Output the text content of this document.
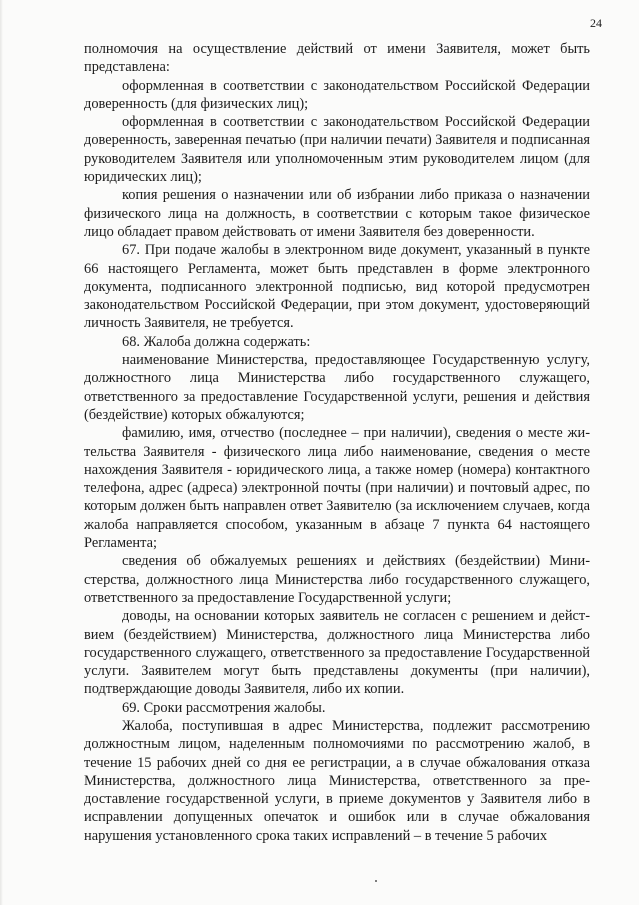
24

полномочия на осуществление действий от имени Заявителя, может быть представлена:

оформленная в соответствии с законодательством Российской Федерации доверенность (для физических лиц);

оформленная в соответствии с законодательством Российской Федерации доверенность, заверенная печатью (при наличии печати) Заявителя и подписанная руководителем Заявителя или уполномоченным этим руководителем лицом (для юридических лиц);

копия решения о назначении или об избрании либо приказа о назначении физического лица на должность, в соответствии с которым такое физическое лицо обладает правом действовать от имени Заявителя без доверенности.

67. При подаче жалобы в электронном виде документ, указанный в пункте 66 настоящего Регламента, может быть представлен в форме электронного документа, подписанного электронной подписью, вид которой предусмотрен законодательством Российской Федерации, при этом документ, удостоверяющий личность Заявителя, не требуется.

68. Жалоба должна содержать:

наименование Министерства, предоставляющее Государственную услугу, должностного лица Министерства либо государственного служащего, ответственного за предоставление Государственной услуги, решения и действия (бездействие) которых обжалуются;

фамилию, имя, отчество (последнее – при наличии), сведения о месте жительства Заявителя - физического лица либо наименование, сведения о месте нахождения Заявителя - юридического лица, а также номер (номера) контактного телефона, адрес (адреса) электронной почты (при наличии) и почтовый адрес, по которым должен быть направлен ответ Заявителю (за исключением случаев, когда жалоба направляется способом, указанным в абзаце 7 пункта 64 настоящего Регламента;

сведения об обжалуемых решениях и действиях (бездействии) Министерства, должностного лица Министерства либо государственного служащего, ответственного за предоставление Государственной услуги;

доводы, на основании которых заявитель не согласен с решением и действием (бездействием) Министерства, должностного лица Министерства либо государственного служащего, ответственного за предоставление Государственной услуги. Заявителем могут быть представлены документы (при наличии), подтверждающие доводы Заявителя, либо их копии.

69. Сроки рассмотрения жалобы.

Жалоба, поступившая в адрес Министерства, подлежит рассмотрению должностным лицом, наделенным полномочиями по рассмотрению жалоб, в течение 15 рабочих дней со дня ее регистрации, а в случае обжалования отказа Министерства, должностного лица Министерства, ответственного за предоставление государственной услуги, в приеме документов у Заявителя либо в исправлении допущенных опечаток и ошибок или в случае обжалования нарушения установленного срока таких исправлений – в течение 5 рабочих
